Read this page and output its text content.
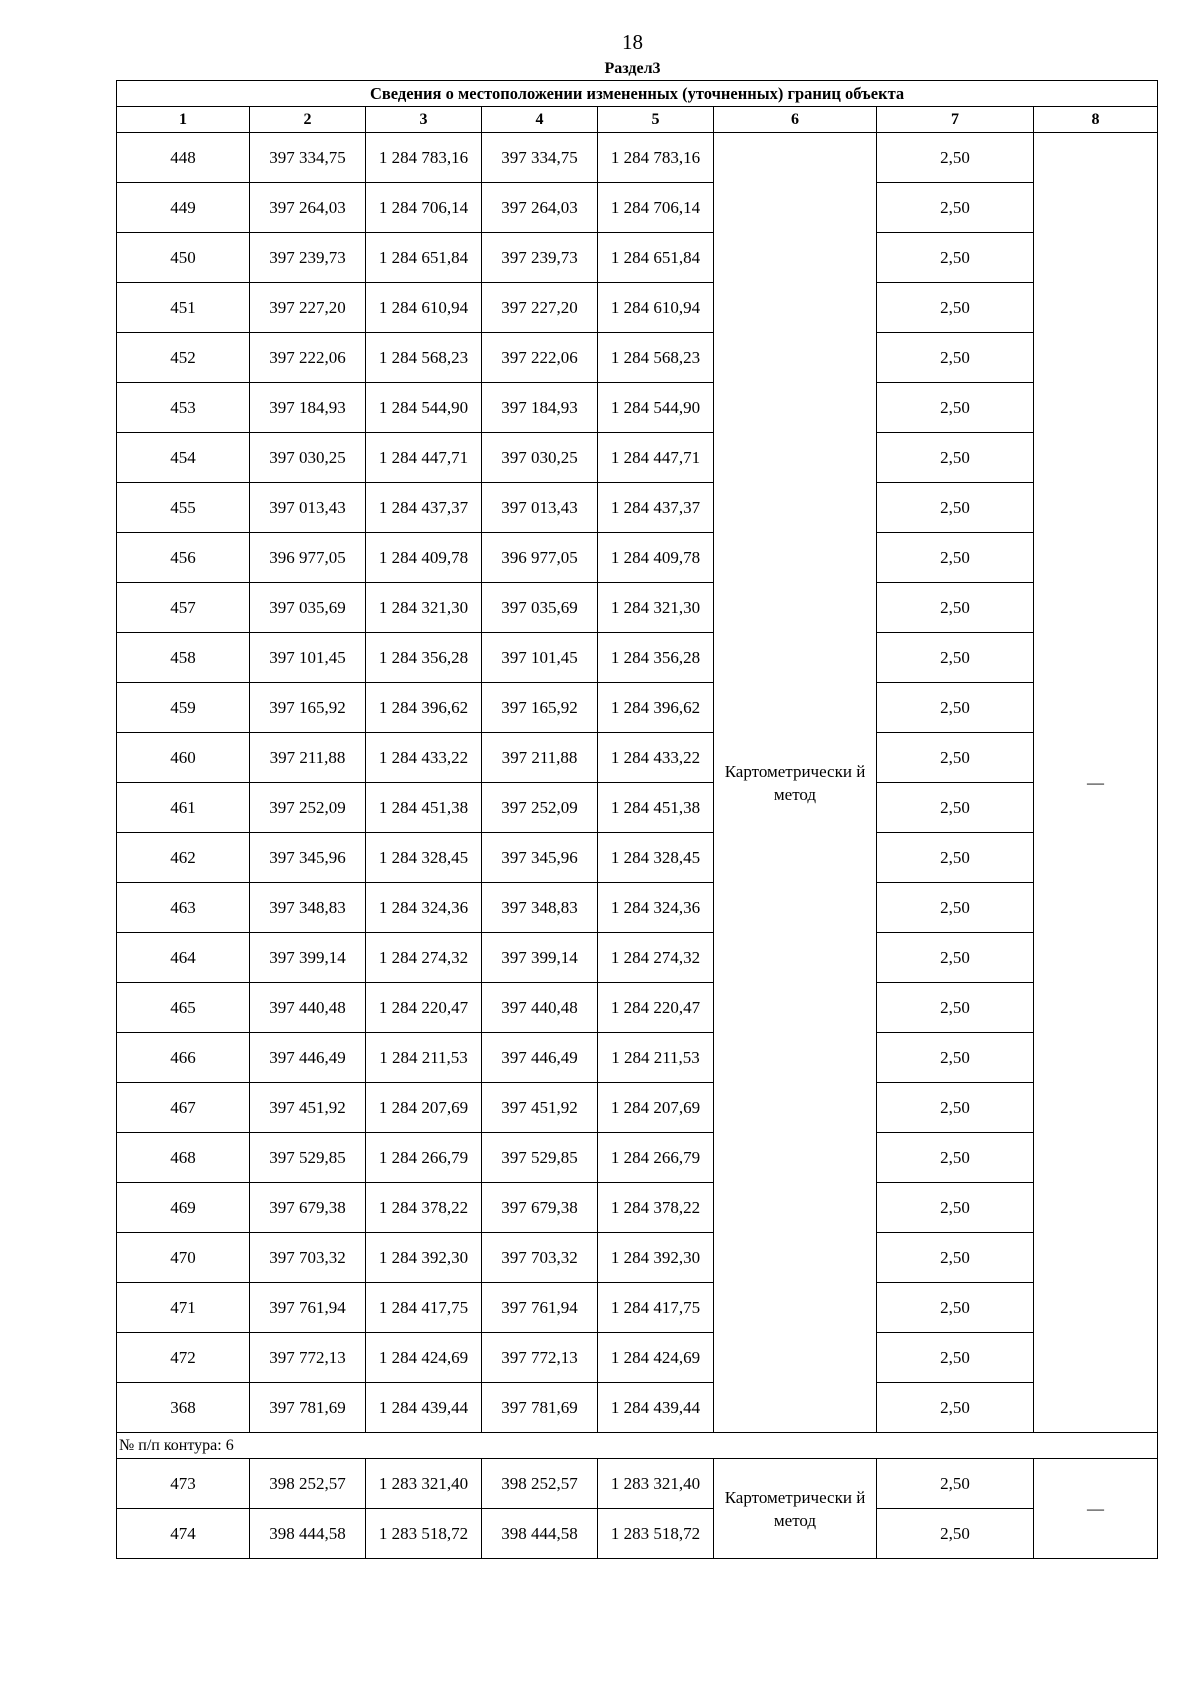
18
Раздел3
Сведения о местоположении измененных (уточненных) границ объекта							
1	2	3	4	5	6	7	8
448	397 334,75	1 284 783,16	397 334,75	1 284 783,16	Картометрически й метод	2,50	—
449	397 264,03	1 284 706,14	397 264,03	1 284 706,14		2,50	
450	397 239,73	1 284 651,84	397 239,73	1 284 651,84		2,50	
451	397 227,20	1 284 610,94	397 227,20	1 284 610,94		2,50	
452	397 222,06	1 284 568,23	397 222,06	1 284 568,23		2,50	
453	397 184,93	1 284 544,90	397 184,93	1 284 544,90		2,50	
454	397 030,25	1 284 447,71	397 030,25	1 284 447,71		2,50	
455	397 013,43	1 284 437,37	397 013,43	1 284 437,37		2,50	
456	396 977,05	1 284 409,78	396 977,05	1 284 409,78		2,50	
457	397 035,69	1 284 321,30	397 035,69	1 284 321,30		2,50	
458	397 101,45	1 284 356,28	397 101,45	1 284 356,28		2,50	
459	397 165,92	1 284 396,62	397 165,92	1 284 396,62		2,50	
460	397 211,88	1 284 433,22	397 211,88	1 284 433,22		2,50	
461	397 252,09	1 284 451,38	397 252,09	1 284 451,38		2,50	
462	397 345,96	1 284 328,45	397 345,96	1 284 328,45		2,50	
463	397 348,83	1 284 324,36	397 348,83	1 284 324,36		2,50	
464	397 399,14	1 284 274,32	397 399,14	1 284 274,32		2,50	
465	397 440,48	1 284 220,47	397 440,48	1 284 220,47		2,50	
466	397 446,49	1 284 211,53	397 446,49	1 284 211,53		2,50	
467	397 451,92	1 284 207,69	397 451,92	1 284 207,69		2,50	
468	397 529,85	1 284 266,79	397 529,85	1 284 266,79		2,50	
469	397 679,38	1 284 378,22	397 679,38	1 284 378,22		2,50	
470	397 703,32	1 284 392,30	397 703,32	1 284 392,30		2,50	
471	397 761,94	1 284 417,75	397 761,94	1 284 417,75		2,50	
472	397 772,13	1 284 424,69	397 772,13	1 284 424,69		2,50	
368	397 781,69	1 284 439,44	397 781,69	1 284 439,44		2,50	
№ п/п контура: 6							
473	398 252,57	1 283 321,40	398 252,57	1 283 321,40	Картометрически й метод	2,50	—
474	398 444,58	1 283 518,72	398 444,58	1 283 518,72		2,50	
